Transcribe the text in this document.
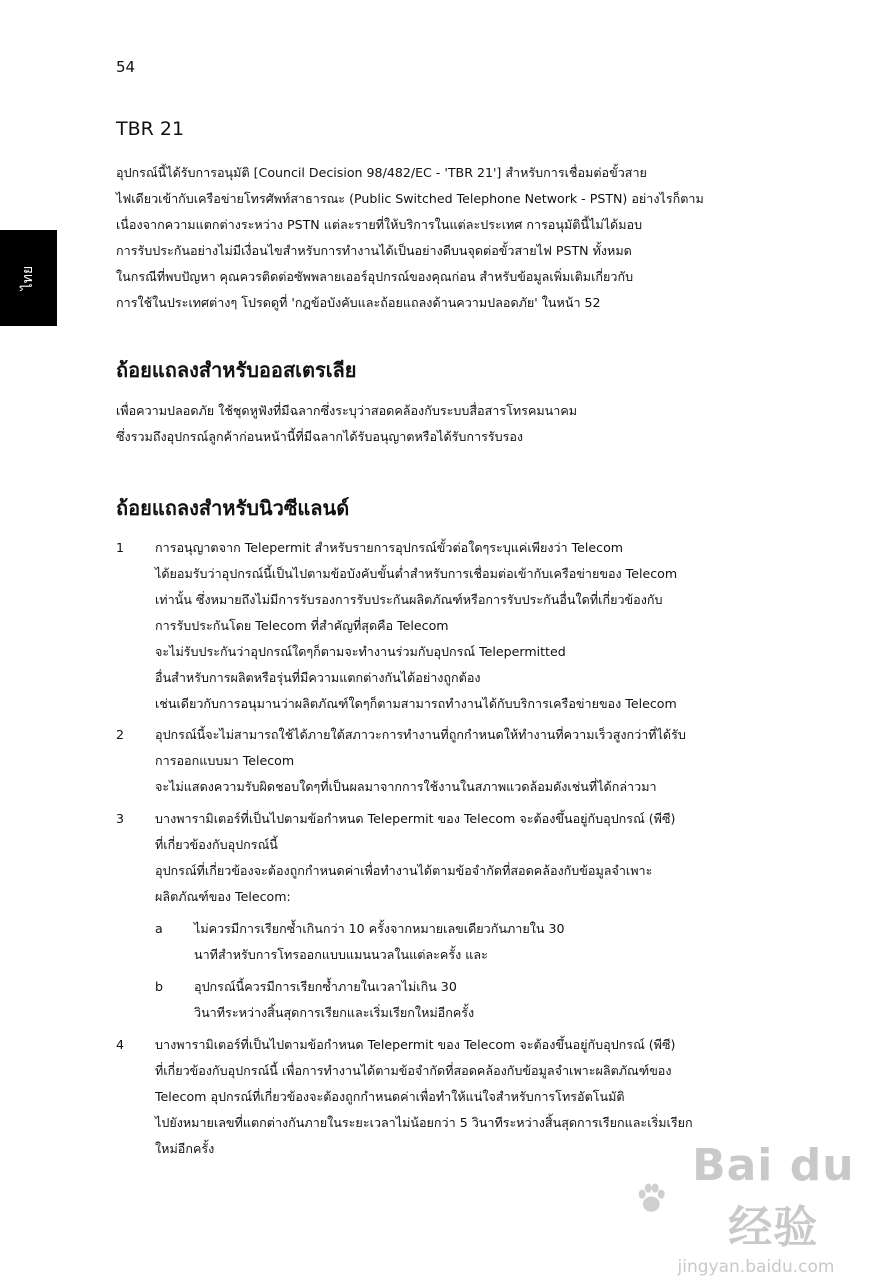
54
ไทย
TBR 21
อุปกรณ์นี้ได้รับการอนุมัติ [Council Decision 98/482/EC - 'TBR 21'] สำหรับการเชื่อมต่อขั้วสาย
ไฟเดียวเข้ากับเครือข่ายโทรศัพท์สาธารณะ (Public Switched Telephone Network - PSTN) อย่างไรก็ตาม
เนื่องจากความแตกต่างระหว่าง PSTN แต่ละรายที่ให้บริการในแต่ละประเทศ การอนุมัตินี้ไม่ได้มอบ
การรับประกันอย่างไม่มีเงื่อนไขสำหรับการทำงานได้เป็นอย่างดีบนจุดต่อขั้วสายไฟ PSTN ทั้งหมด
ในกรณีที่พบปัญหา คุณควรติดต่อซัพพลายเออร์อุปกรณ์ของคุณก่อน สำหรับข้อมูลเพิ่มเติมเกี่ยวกับ
การใช้ในประเทศต่างๆ โปรดดูที่ 'กฎข้อบังคับและถ้อยแถลงด้านความปลอดภัย' ในหน้า 52
ถ้อยแถลงสำหรับออสเตรเลีย
เพื่อความปลอดภัย ใช้ชุดหูฟังที่มีฉลากซึ่งระบุว่าสอดคล้องกับระบบสื่อสารโทรคมนาคม
ซึ่งรวมถึงอุปกรณ์ลูกค้าก่อนหน้านี้ที่มีฉลากได้รับอนุญาตหรือได้รับการรับรอง
ถ้อยแถลงสำหรับนิวซีแลนด์
1 การอนุญาตจาก Telepermit สำหรับรายการอุปกรณ์ขั้วต่อใดๆระบุแค่เพียงว่า Telecom
ได้ยอมรับว่าอุปกรณ์นี้เป็นไปตามข้อบังคับขั้นต่ำสำหรับการเชื่อมต่อเข้ากับเครือข่ายของ Telecom
เท่านั้น ซึ่งหมายถึงไม่มีการรับรองการรับประกันผลิตภัณฑ์หรือการรับประกันอื่นใดที่เกี่ยวข้องกับ
การรับประกันโดย Telecom ที่สำคัญที่สุดคือ Telecom
จะไม่รับประกันว่าอุปกรณ์ใดๆก็ตามจะทำงานร่วมกับอุปกรณ์ Telepermitted
อื่นสำหรับการผลิตหรือรุ่นที่มีความแตกต่างกันได้อย่างถูกต้อง
เช่นเดียวกับการอนุมานว่าผลิตภัณฑ์ใดๆก็ตามสามารถทำงานได้กับบริการเครือข่ายของ Telecom
2 อุปกรณ์นี้จะไม่สามารถใช้ได้ภายใต้สภาวะการทำงานที่ถูกกำหนดให้ทำงานที่ความเร็วสูงกว่าที่ได้รับ
การออกแบบมา Telecom
จะไม่แสดงความรับผิดชอบใดๆที่เป็นผลมาจากการใช้งานในสภาพแวดล้อมดังเช่นที่ได้กล่าวมา
3 บางพารามิเตอร์ที่เป็นไปตามข้อกำหนด Telepermit ของ Telecom จะต้องขึ้นอยู่กับอุปกรณ์ (พีซี)
ที่เกี่ยวข้องกับอุปกรณ์นี้
อุปกรณ์ที่เกี่ยวข้องจะต้องถูกกำหนดค่าเพื่อทำงานได้ตามข้อจำกัดที่สอดคล้องกับข้อมูลจำเพาะ
ผลิตภัณฑ์ของ Telecom:
a ไม่ควรมีการเรียกซ้ำเกินกว่า 10 ครั้งจากหมายเลขเดียวกันภายใน 30
นาทีสำหรับการโทรออกแบบแมนนวลในแต่ละครั้ง และ
b อุปกรณ์นี้ควรมีการเรียกซ้ำภายในเวลาไม่เกิน 30
วินาทีระหว่างสิ้นสุดการเรียกและเริ่มเรียกใหม่อีกครั้ง
4 บางพารามิเตอร์ที่เป็นไปตามข้อกำหนด Telepermit ของ Telecom จะต้องขึ้นอยู่กับอุปกรณ์ (พีซี)
ที่เกี่ยวข้องกับอุปกรณ์นี้ เพื่อการทำงานได้ตามข้อจำกัดที่สอดคล้องกับข้อมูลจำเพาะผลิตภัณฑ์ของ
Telecom อุปกรณ์ที่เกี่ยวข้องจะต้องถูกกำหนดค่าเพื่อทำให้แน่ใจสำหรับการโทรอัตโนมัติ
ไปยังหมายเลขที่แตกต่างกันภายในระยะเวลาไม่น้อยกว่า 5 วินาทีระหว่างสิ้นสุดการเรียกและเริ่มเรียก
ใหม่อีกครั้ง	Bai du 经验
jingyan.baidu.com
